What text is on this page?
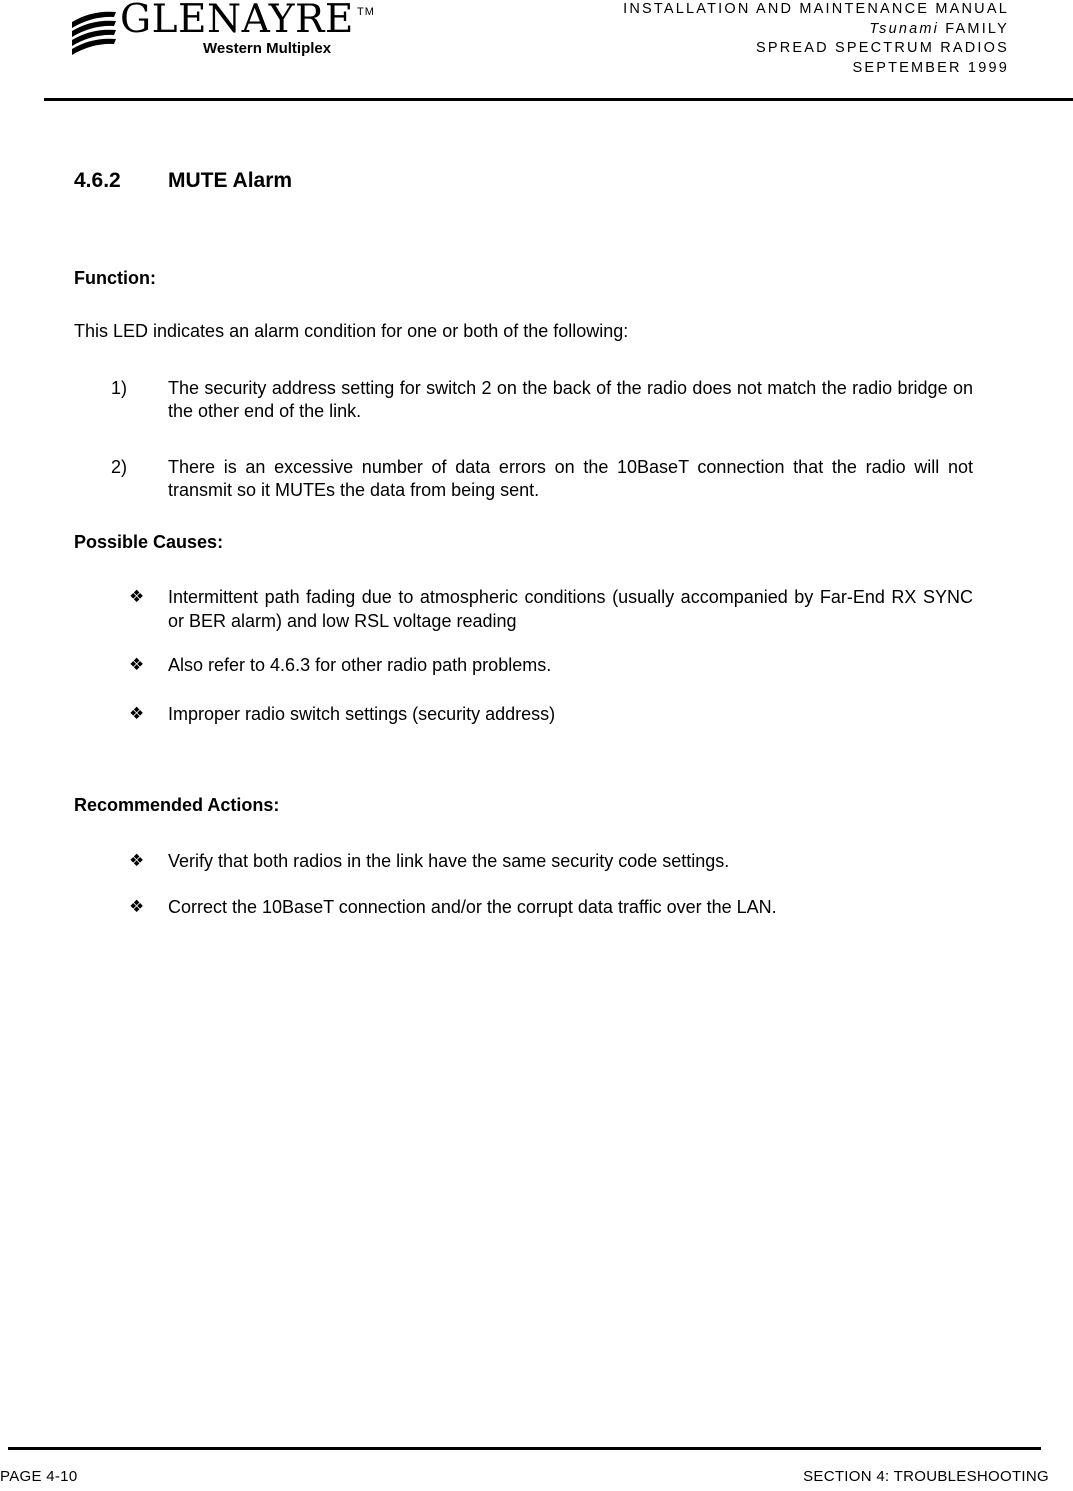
GLENAYRE TM
Western Multiplex
INSTALLATION AND MAINTENANCE MANUAL
Tsunami FAMILY
SPREAD SPECTRUM RADIOS
SEPTEMBER 1999
4.6.2 MUTE Alarm
Function:
This LED indicates an alarm condition for one or both of the following:
1) The security address setting for switch 2 on the back of the radio does not match the radio bridge on the other end of the link.
2) There is an excessive number of data errors on the 10BaseT connection that the radio will not transmit so it MUTEs the data from being sent.
Possible Causes:
❖ Intermittent path fading due to atmospheric conditions (usually accompanied by Far-End RX SYNC or BER alarm) and low RSL voltage reading
❖ Also refer to 4.6.3 for other radio path problems.
❖ Improper radio switch settings (security address)
Recommended Actions:
❖ Verify that both radios in the link have the same security code settings.
❖ Correct the 10BaseT connection and/or the corrupt data traffic over the LAN.
PAGE 4-10	SECTION 4: TROUBLESHOOTING
